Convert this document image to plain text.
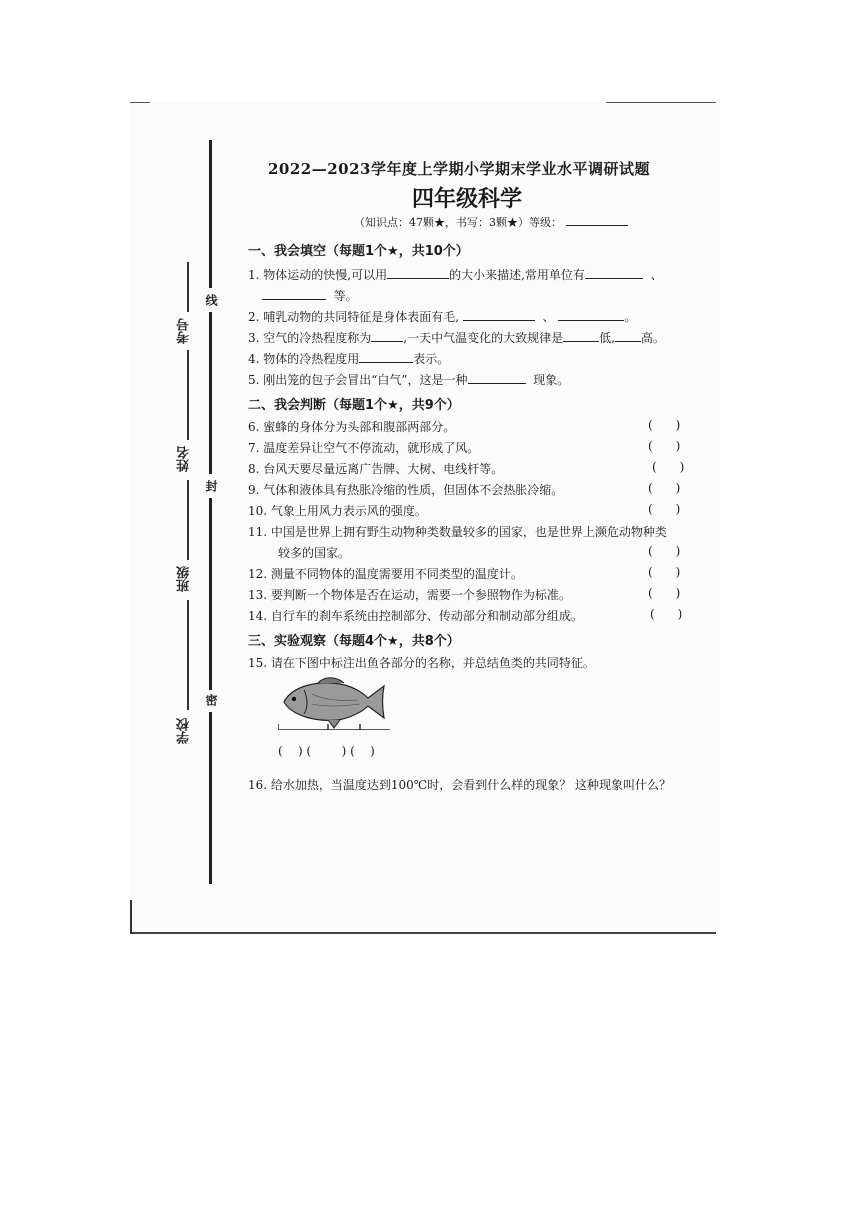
线
封
密
考号
姓名
班级
学校
2022—2023学年度上学期小学期末学业水平调研试题
四年级科学
（知识点：47颗★，书写：3颗★）等级：
一、我会填空（每题1个★，共10个）
1. 物体运动的快慢,可以用	的大小来描述,常用单位有	、
等。
2. 哺乳动物的共同特征是身体表面有毛,	、	。
3. 空气的冷热程度称为	,一天中气温变化的大致规律是	低, 高。
4. 物体的冷热程度用	表示。
5. 刚出笼的包子会冒出“白气”，这是一种	现象。
二、我会判断（每题1个★，共9个）
6. 蜜蜂的身体分为头部和腹部两部分。	(      )
7. 温度差异让空气不停流动，就形成了风。	(      )
8. 台风天要尽量远离广告牌、大树、电线杆等。	(      )
9. 气体和液体具有热胀冷缩的性质，但固体不会热胀冷缩。	(      )
10. 气象上用风力表示风的强度。	(      )
11. 中国是世界上拥有野生动物种类数量较多的国家，也是世界上濒危动物种类
较多的国家。	(      )
12. 测量不同物体的温度需要用不同类型的温度计。	(      )
13. 要判断一个物体是否在运动，需要一个参照物作为标准。	(      )
14. 自行车的刹车系统由控制部分、传动部分和制动部分组成。	(      )
三、实验观察（每题4个★，共8个）
15. 请在下图中标注出鱼各部分的名称，并总结鱼类的共同特征。
(    ) (        ) (    )
16. 给水加热，当温度达到100℃时，会看到什么样的现象？ 这种现象叫什么？
